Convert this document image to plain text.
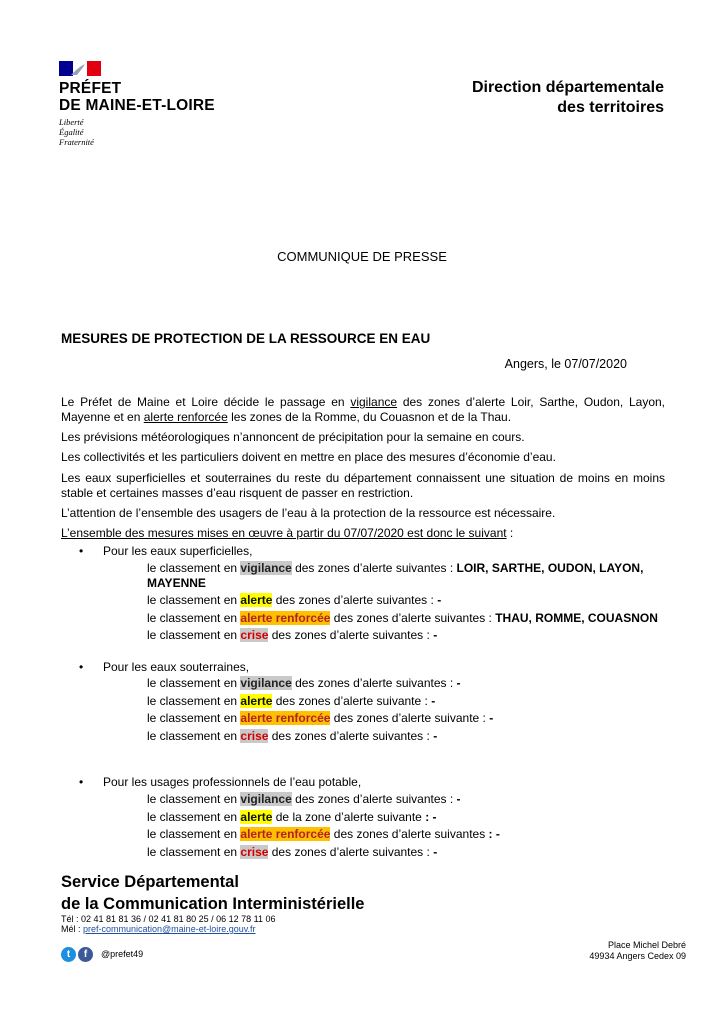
PRÉFET
DE MAINE-ET-LOIRE
Liberté
Égalité
Fraternité
Direction départementale
des territoires
COMMUNIQUE DE PRESSE
MESURES DE PROTECTION DE LA RESSOURCE EN EAU
Angers, le 07/07/2020
Le Préfet de Maine et Loire décide le passage en vigilance des zones d’alerte Loir, Sarthe, Oudon, Layon, Mayenne et en alerte renforcée les zones de la Romme, du Couasnon et de la Thau.
Les prévisions météorologiques n’annoncent de précipitation pour la semaine en cours.
Les collectivités et les particuliers doivent en mettre en place des mesures d’économie d’eau.
Les eaux superficielles et souterraines du reste du département connaissent une situation de moins en moins stable et certaines masses d’eau risquent de passer en restriction.
L’attention de l’ensemble des usagers de l’eau à la protection de la ressource est nécessaire.
L’ensemble des mesures mises en œuvre à partir du 07/07/2020 est donc le suivant :
• Pour les eaux superficielles,
le classement en vigilance des zones d’alerte suivantes : LOIR, SARTHE, OUDON, LAYON,
MAYENNE
le classement en alerte des zones d’alerte suivantes : -
le classement en alerte renforcée des zones d’alerte suivantes : THAU, ROMME, COUASNON
le classement en crise des zones d’alerte suivantes : -
• Pour les eaux souterraines,
le classement en vigilance des zones d’alerte suivantes : -
le classement en alerte des zones d’alerte suivante : -
le classement en alerte renforcée des zones d’alerte suivante : -
le classement en crise des zones d’alerte suivantes : -
• Pour les usages professionnels de l’eau potable,
le classement en vigilance des zones d’alerte suivantes : -
le classement en alerte de la zone d’alerte suivante : -
le classement en alerte renforcée des zones d’alerte suivantes : -
le classement en crise des zones d’alerte suivantes : -
Service Départemental
de la Communication Interministérielle
Tél : 02 41 81 81 36 / 02 41 81 80 25 / 06 12 78 11 06
Mél : pref-communication@maine-et-loire.gouv.fr
t	f	@prefet49
Place Michel Debré
49934 Angers Cedex 09
